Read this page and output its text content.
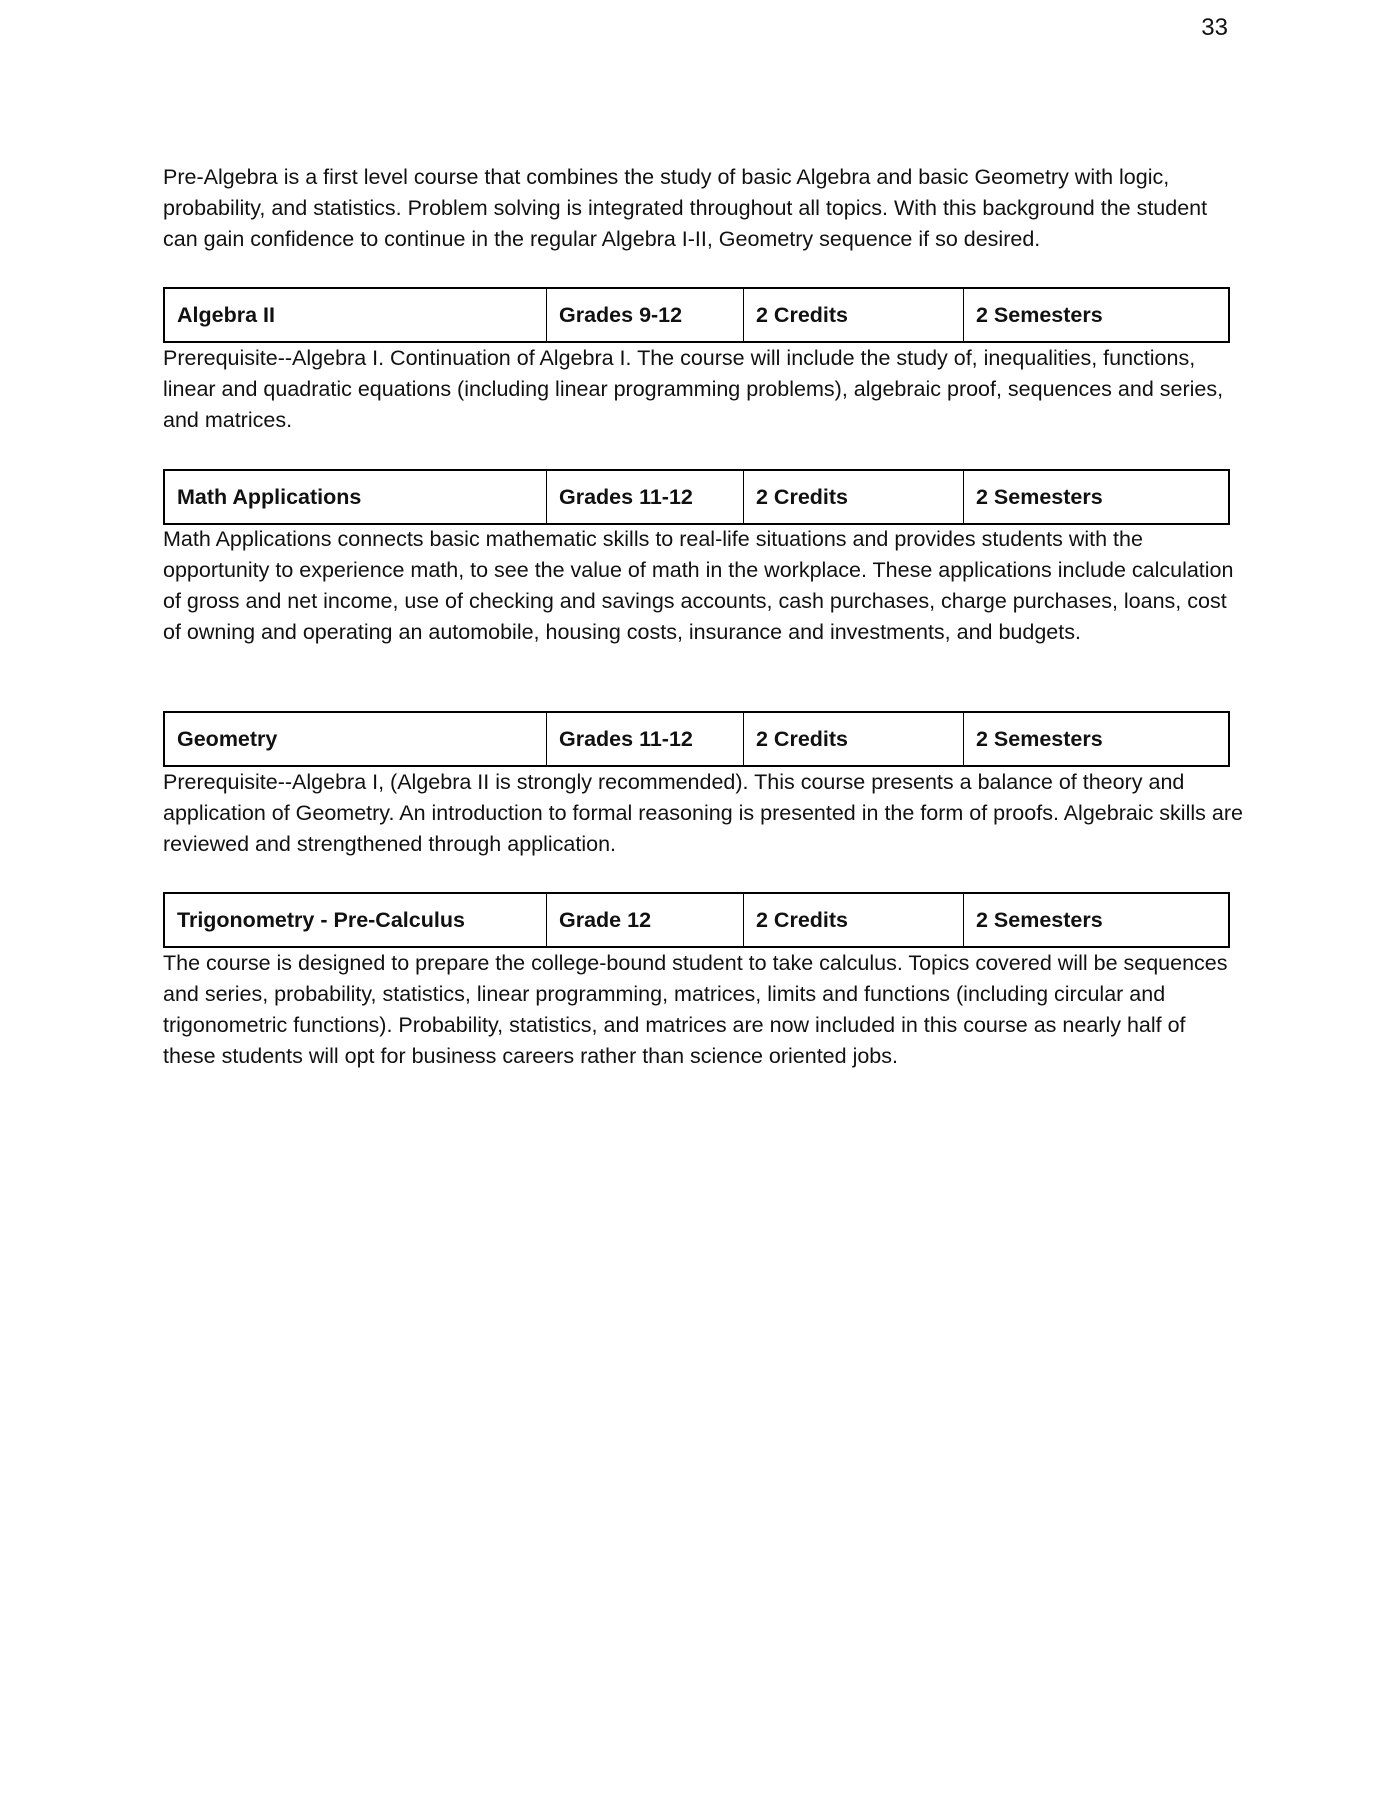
33

Pre-Algebra is a first level course that combines the study of basic Algebra and basic Geometry with logic, probability, and statistics. Problem solving is integrated throughout all topics. With this background the student can gain confidence to continue in the regular Algebra I-II, Geometry sequence if so desired.

Algebra II	Grades 9-12	2 Credits	2 Semesters

Prerequisite--Algebra I. Continuation of Algebra I. The course will include the study of, inequalities, functions, linear and quadratic equations (including linear programming problems), algebraic proof, sequences and series, and matrices.

Math Applications	Grades 11-12	2 Credits	2 Semesters

Math Applications connects basic mathematic skills to real-life situations and provides students with the opportunity to experience math, to see the value of math in the workplace. These applications include calculation of gross and net income, use of checking and savings accounts, cash purchases, charge purchases, loans, cost of owning and operating an automobile, housing costs, insurance and investments, and budgets.

Geometry	Grades 11-12	2 Credits	2 Semesters

Prerequisite--Algebra I, (Algebra II is strongly recommended). This course presents a balance of theory and application of Geometry. An introduction to formal reasoning is presented in the form of proofs. Algebraic skills are reviewed and strengthened through application.

Trigonometry - Pre-Calculus	Grade 12	2 Credits	2 Semesters

The course is designed to prepare the college-bound student to take calculus. Topics covered will be sequences and series, probability, statistics, linear programming, matrices, limits and functions (including circular and trigonometric functions). Probability, statistics, and matrices are now included in this course as nearly half of these students will opt for business careers rather than science oriented jobs.
